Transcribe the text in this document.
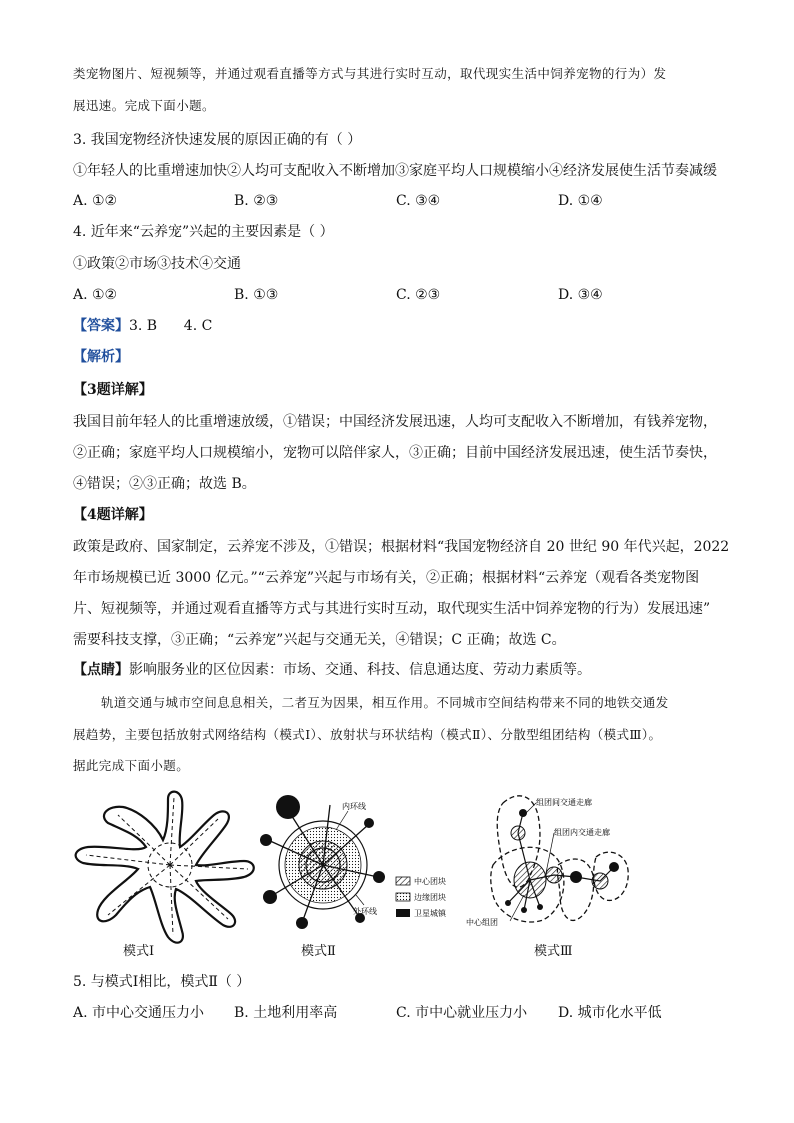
类宠物图片、短视频等，并通过观看直播等方式与其进行实时互动，取代现实生活中饲养宠物的行为）发
展迅速。完成下面小题。
3. 我国宠物经济快速发展的原因正确的有（ ）
①年轻人的比重增速加快②人均可支配收入不断增加③家庭平均人口规模缩小④经济发展使生活节奏减缓
A. ①②	B. ②③	C. ③④	D. ①④
4. 近年来“云养宠”兴起的主要因素是（ ）
①政策②市场③技术④交通
A. ①②	B. ①③	C. ②③	D. ③④
【答案】3. B      4. C
【解析】
【3题详解】
我国目前年轻人的比重增速放缓，①错误；中国经济发展迅速，人均可支配收入不断增加，有钱养宠物，
②正确；家庭平均人口规模缩小，宠物可以陪伴家人，③正确；目前中国经济发展迅速，使生活节奏快，
④错误；②③正确；故选 B。
【4题详解】
政策是政府、国家制定，云养宠不涉及，①错误；根据材料“我国宠物经济自 20 世纪 90 年代兴起，2022
年市场规模已近 3000 亿元。”“云养宠”兴起与市场有关，②正确；根据材料“云养宠（观看各类宠物图
片、短视频等，并通过观看直播等方式与其进行实时互动，取代现实生活中饲养宠物的行为）发展迅速”
需要科技支撑，③正确；“云养宠”兴起与交通无关，④错误；C 正确；故选 C。
【点睛】影响服务业的区位因素：市场、交通、科技、信息通达度、劳动力素质等。
轨道交通与城市空间息息相关，二者互为因果，相互作用。不同城市空间结构带来不同的地铁交通发
展趋势，主要包括放射式网络结构（模式Ⅰ）、放射状与环状结构（模式Ⅱ）、分散型组团结构（模式Ⅲ）。
据此完成下面小题。
内环线
外环线
中心团块
边缘团块
卫星城镇
组团间交通走廊
组团内交通走廊
中心组团
模式Ⅰ	模式Ⅱ	模式Ⅲ
5. 与模式Ⅰ相比，模式Ⅱ（ ）
A. 市中心交通压力小 B. 土地利用率高	C. 市中心就业压力小 D. 城市化水平低
